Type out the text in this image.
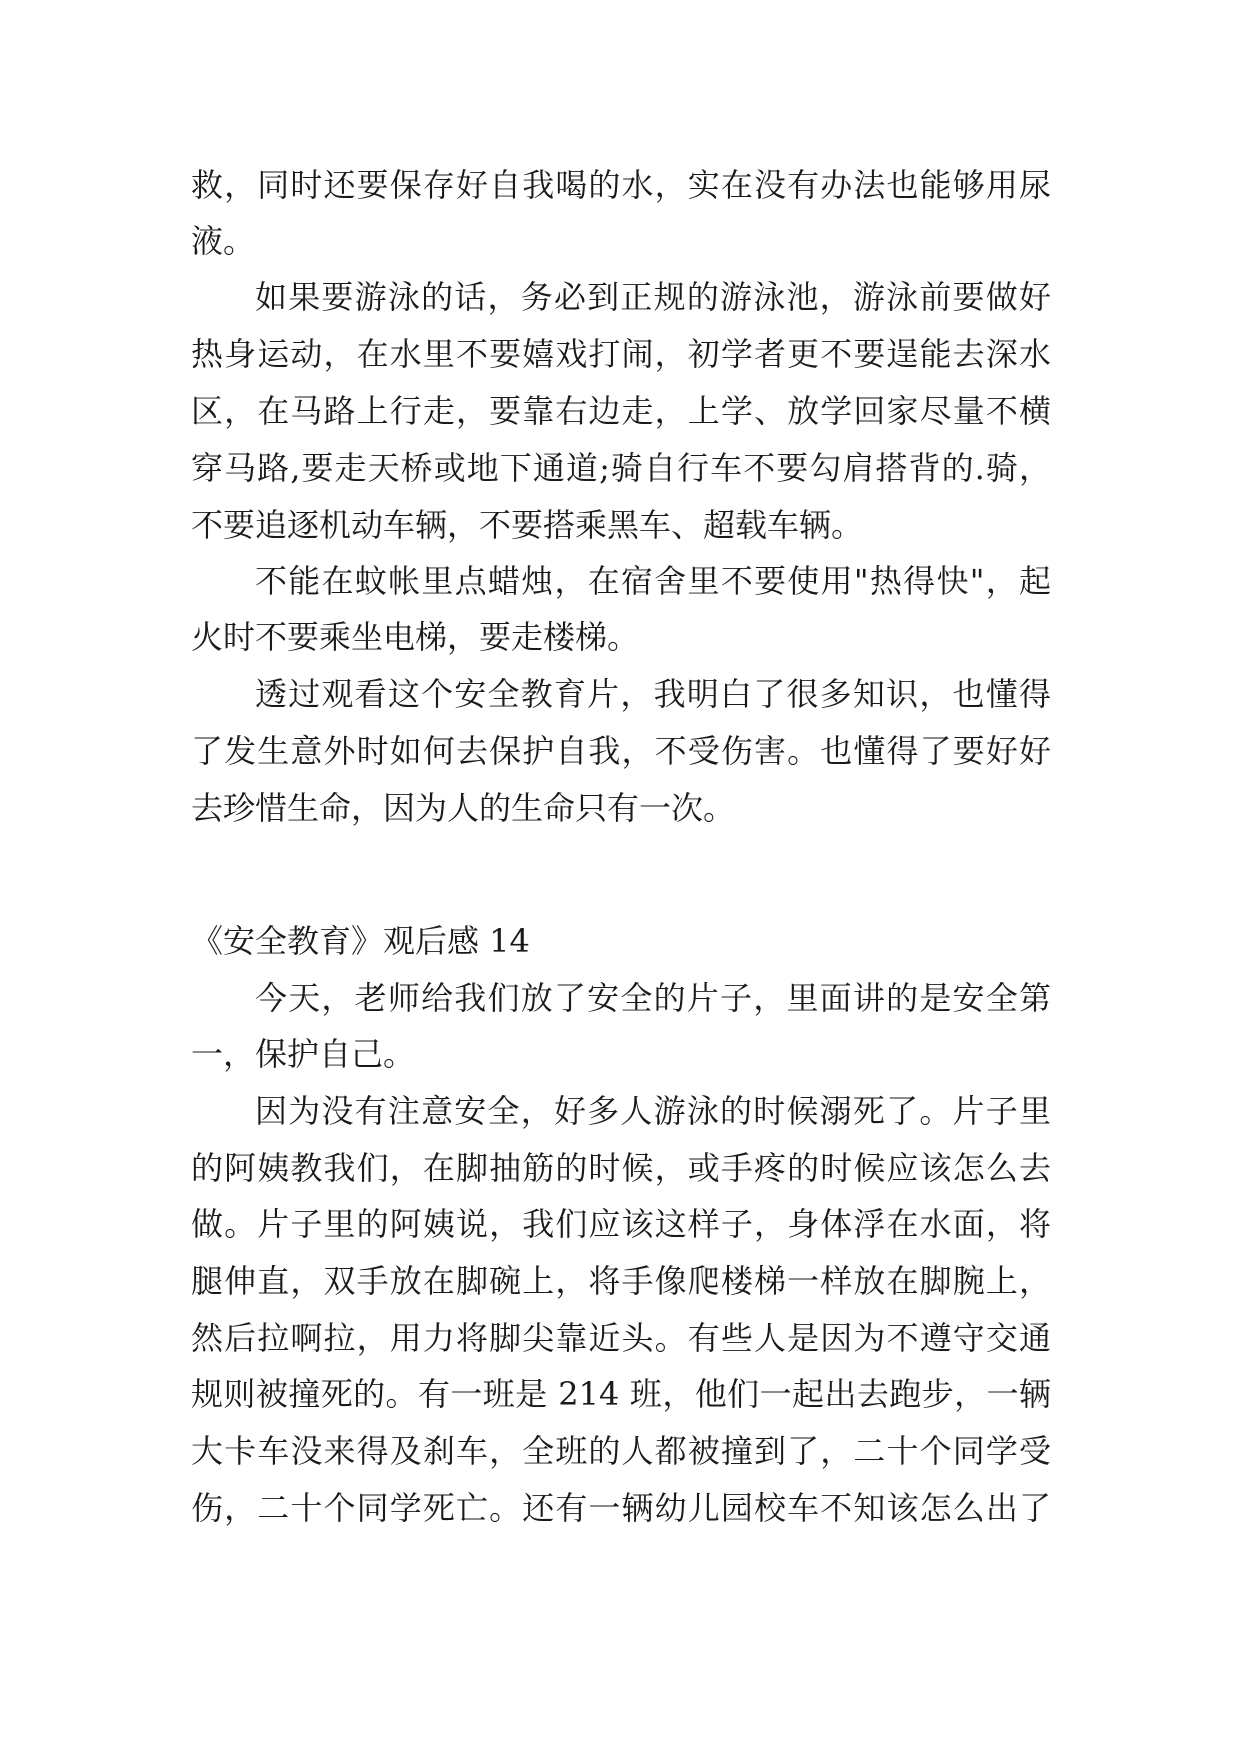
救，同时还要保存好自我喝的水，实在没有办法也能够用尿
液。
如果要游泳的话，务必到正规的游泳池，游泳前要做好
热身运动，在水里不要嬉戏打闹，初学者更不要逞能去深水
区，在马路上行走，要靠右边走，上学、放学回家尽量不横
穿马路,要走天桥或地下通道;骑自行车不要勾肩搭背的.骑，
不要追逐机动车辆，不要搭乘黑车、超载车辆。
不能在蚊帐里点蜡烛，在宿舍里不要使用"热得快"，起
火时不要乘坐电梯，要走楼梯。
透过观看这个安全教育片，我明白了很多知识，也懂得
了发生意外时如何去保护自我，不受伤害。也懂得了要好好
去珍惜生命，因为人的生命只有一次。
《安全教育》观后感 14
今天，老师给我们放了安全的片子，里面讲的是安全第
一，保护自己。
因为没有注意安全，好多人游泳的时候溺死了。片子里
的阿姨教我们，在脚抽筋的时候，或手疼的时候应该怎么去
做。片子里的阿姨说，我们应该这样子，身体浮在水面，将
腿伸直，双手放在脚碗上，将手像爬楼梯一样放在脚腕上，
然后拉啊拉，用力将脚尖靠近头。有些人是因为不遵守交通
规则被撞死的。有一班是 214 班，他们一起出去跑步，一辆
大卡车没来得及刹车，全班的人都被撞到了，二十个同学受
伤，二十个同学死亡。还有一辆幼儿园校车不知该怎么出了
